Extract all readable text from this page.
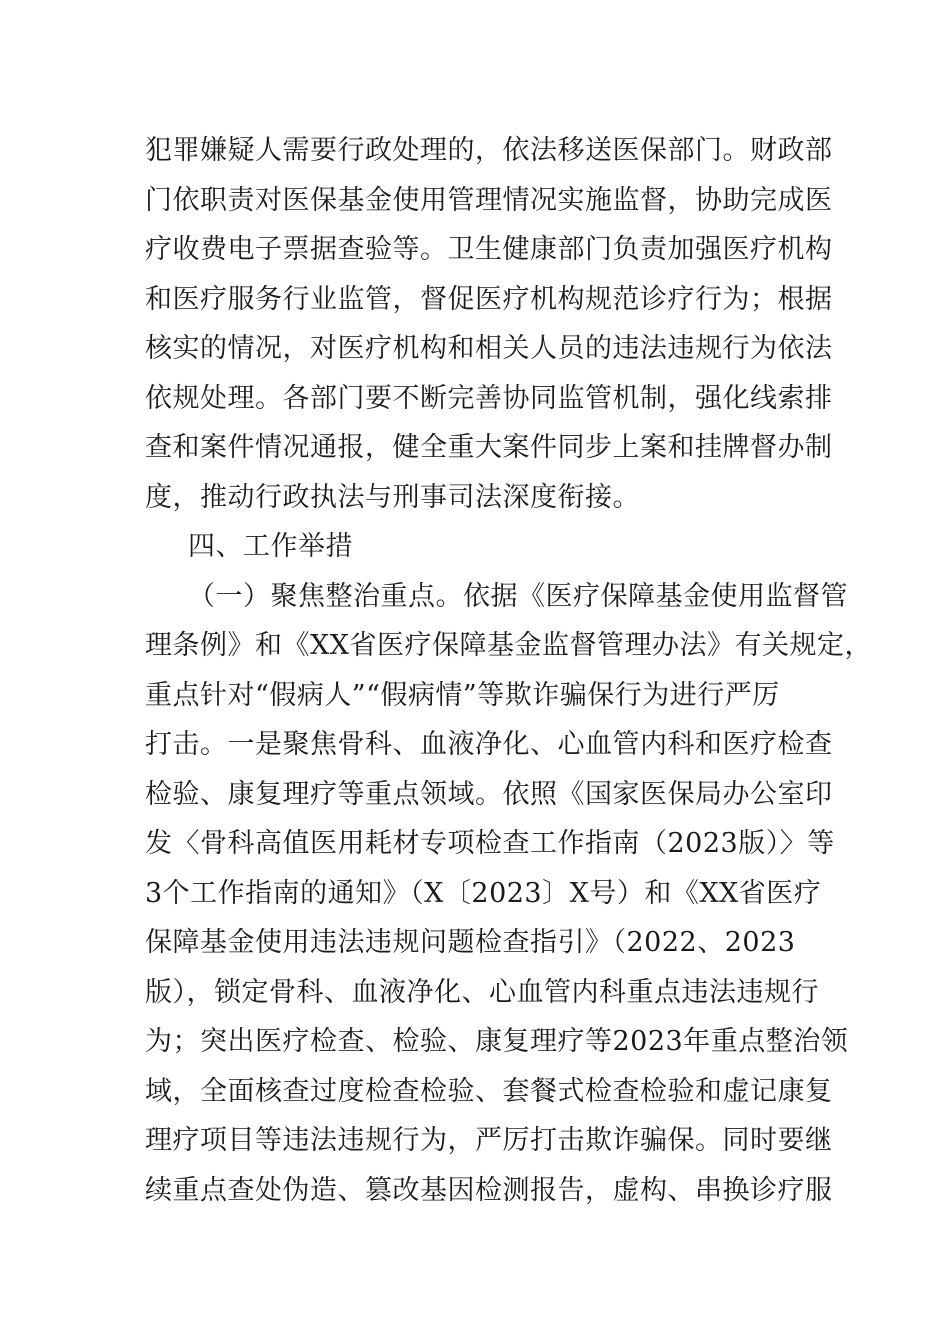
犯罪嫌疑人需要行政处理的，依法移送医保部门。财政部
门依职责对医保基金使用管理情况实施监督，协助完成医
疗收费电子票据查验等。卫生健康部门负责加强医疗机构
和医疗服务行业监管，督促医疗机构规范诊疗行为；根据
核实的情况，对医疗机构和相关人员的违法违规行为依法
依规处理。各部门要不断完善协同监管机制，强化线索排
查和案件情况通报，健全重大案件同步上案和挂牌督办制
度，推动行政执法与刑事司法深度衔接。
四、工作举措
（一）聚焦整治重点。依据《医疗保障基金使用监督管
理条例》和《XX省医疗保障基金监督管理办法》有关规定，
重点针对“假病人”“假病情”等欺诈骗保行为进行严厉
打击。一是聚焦骨科、血液净化、心血管内科和医疗检查
检验、康复理疗等重点领域。依照《国家医保局办公室印
发〈骨科高值医用耗材专项检查工作指南（2023版）〉等
3个工作指南的通知》（X〔2023〕X号）和《XX省医疗
保障基金使用违法违规问题检查指引》（2022、2023
版），锁定骨科、血液净化、心血管内科重点违法违规行
为；突出医疗检查、检验、康复理疗等2023年重点整治领
域，全面核查过度检查检验、套餐式检查检验和虚记康复
理疗项目等违法违规行为，严厉打击欺诈骗保。同时要继
续重点查处伪造、篡改基因检测报告，虚构、串换诊疗服
